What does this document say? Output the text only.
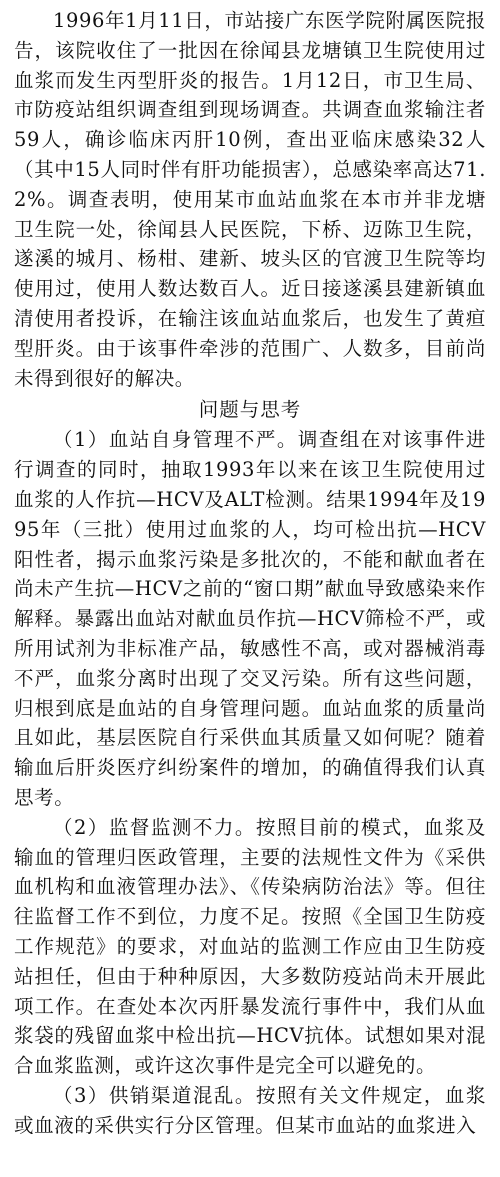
1996年1月11日，市站接广东医学院附属医院报告，该院收住了一批因在徐闻县龙塘镇卫生院使用过血浆而发生丙型肝炎的报告。1月12日，市卫生局、市防疫站组织调查组到现场调查。共调查血浆输注者59人，确诊临床丙肝10例，查出亚临床感染32人（其中15人同时伴有肝功能损害），总感染率高达71.2%。调查表明，使用某市血站血浆在本市并非龙塘卫生院一处，徐闻县人民医院，下桥、迈陈卫生院，遂溪的城月、杨柑、建新、坡头区的官渡卫生院等均使用过，使用人数达数百人。近日接遂溪县建新镇血清使用者投诉，在输注该血站血浆后，也发生了黄疸型肝炎。由于该事件牵涉的范围广、人数多，目前尚未得到很好的解决。

问题与思考

（1）血站自身管理不严。调查组在对该事件进行调查的同时，抽取1993年以来在该卫生院使用过血浆的人作抗—HCV及ALT检测。结果1994年及1995年（三批）使用过血浆的人，均可检出抗—HCV阳性者，揭示血浆污染是多批次的，不能和献血者在尚未产生抗—HCV之前的“窗口期”献血导致感染来作解释。暴露出血站对献血员作抗—HCV筛检不严，或所用试剂为非标准产品，敏感性不高，或对器械消毒不严，血浆分离时出现了交叉污染。所有这些问题，归根到底是血站的自身管理问题。血站血浆的质量尚且如此，基层医院自行采供血其质量又如何呢？随着输血后肝炎医疗纠纷案件的增加，的确值得我们认真思考。

（2）监督监测不力。按照目前的模式，血浆及输血的管理归医政管理，主要的法规性文件为《采供血机构和血液管理办法》、《传染病防治法》等。但往往监督工作不到位，力度不足。按照《全国卫生防疫工作规范》的要求，对血站的监测工作应由卫生防疫站担任，但由于种种原因，大多数防疫站尚未开展此项工作。在查处本次丙肝暴发流行事件中，我们从血浆袋的残留血浆中检出抗—HCV抗体。试想如果对混合血浆监测，或许这次事件是完全可以避免的。

（3）供销渠道混乱。按照有关文件规定，血浆或血液的采供实行分区管理。但某市血站的血浆进入
